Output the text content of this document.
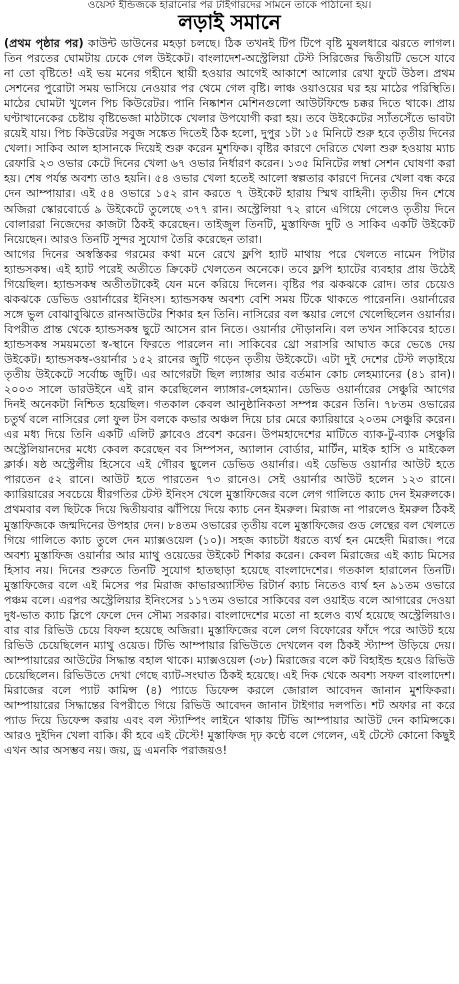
ওয়েস্ট ইন্ডিজকে হারানোর পর টাইগারদের সামনে তাকে পাঠানো হয়।
লড়াই সমানে

(প্রথম পৃষ্ঠার পর) কাউন্ট ডাউনের মহড়া চলছে। ঠিক তখনই টিপ টিপে বৃষ্টি মুষলধারে ঝরতে লাগল। তিন পরতের ঘোমটায় ঢেকে গেল উইকেট। বাংলাদেশ-অস্ট্রেলিয়া টেস্ট সিরিজের দ্বিতীয়টি ভেসে যাবে না তো বৃষ্টিতে! এই ভয় মনের গহীনে স্থায়ী হওয়ার আগেই আকাশে আলোর রেখা ফুটে উঠল। প্রথম সেশনের পুরোটা সময় ভাসিয়ে নেওয়ার পর থেমে গেল বৃষ্টি। লাঞ্চ ওয়াওয়ের ঘর হয় মাঠের পরিস্থিতি। মাঠের ঘোমটা খুলেন পিচ কিউরেটর। পানি নিষ্কাশন মেশিনগুলো আউটফিল্ডে চক্কর দিতে থাকে। প্রায় ঘণ্টাখানেকের চেষ্টায় বৃষ্টিভেজা মাঠটাকে খেলার উপযোগী করা হয়। তবে উইকেটের স্যাঁতসেঁতে ভাবটা রয়েই যায়। পিচ কিউরেটর সবুজ সঙ্কেত দিতেই ঠিক হলো, দুপুর ১টা ১৫ মিনিটে শুরু হবে তৃতীয় দিনের খেলা। সাকিব আল হাসানকে দিয়েই শুরু করেন মুশফিক। বৃষ্টির কারণে দেরিতে খেলা শুরু হওয়ায় ম্যাচ রেফারি ২৩ ওভার কেটে দিনের খেলা ৬৭ ওভার নির্ধারণ করেন। ১৩৫ মিনিটের লম্বা সেশন ঘোষণা করা হয়। শেষ পর্যন্ত অবশ্য তাও হয়নি। ৫৪ ওভার খেলা হতেই আলো স্বল্পতার কারণে দিনের খেলা বন্ধ করে দেন আম্পায়ার। এই ৫৪ ওভারে ১৫২ রান করতে ৭ উইকেট হারায় স্মিথ বাহিনী। তৃতীয় দিন শেষে অজিরা স্কোরবোর্ডে ৯ উইকেটে তুলেছে ৩৭৭ রান। অস্ট্রেলিয়া ৭২ রানে এগিয়ে গেলেও তৃতীয় দিনে বোলাররা নিজেদের কাজটা ঠিকই করেছেন। তাইজুল তিনটি, মুস্তাফিজ দুটি ও সাকিব একটি উইকেট নিয়েছেন। আরও তিনটি সুন্দর সুযোগ তৈরি করেছেন তারা।

আগের দিনের অস্বস্তিকর গরমের কথা মনে রেখে ফ্লপি হ্যাট মাথায় পরে খেলতে নামেন পিটার হ্যান্ডসকম্ব। এই হ্যাট পরেই অতীতে ক্রিকেট খেলতেন অনেকে। তবে ফ্লপি হ্যাটের ব্যবহার প্রায় উঠেই গিয়েছিল। হ্যান্ডসকম্ব অতীতটাকেই যেন মনে করিয়ে দিলেন। বৃষ্টির পর ঝকঝকে রোদ। তার চেয়েও ঝকঝকে ডেভিড ওয়ার্নারের ইনিংস। হ্যান্ডসকম্ব অবশ্য বেশি সময় টিকে থাকতে পারেননি। ওয়ার্নারের সঙ্গে ভুল বোঝাবুঝিতে রানআউটের শিকার হন তিনি। নাসিরের বল স্কয়ার লেগে খেলেছিলেন ওয়ার্নার। বিপরীত প্রান্ত থেকে হ্যান্ডসকম্ব ছুটে আসেন রান নিতে। ওয়ার্নার দৌড়াননি। বল তখন সাকিবের হাতে। হ্যান্ডসকম্ব সময়মতো স্ব-স্থানে ফিরতে পারলেন না। সাকিবের থ্রো সরাসরি আঘাত করে ভেঙে দেয় উইকেট। হ্যান্ডসকম্ব-ওয়ার্নার ১৫২ রানের জুটি গড়েন তৃতীয় উইকেটে। এটা দুই দেশের টেস্ট লড়াইয়ে তৃতীয় উইকেটে সর্বোচ্চ জুটি। এর আগেরটা ছিল ল্যাঙ্গার আর বর্তমান কোচ লেহম্যানের (৪১ রান)। ২০০৩ সালে ডারউইনে এই রান করেছিলেন ল্যাঙ্গার-লেহম্যান। ডেভিড ওয়ার্নারের সেঞ্চুরি আগের দিনই অনেকটা নিশ্চিত হয়েছিল। গতকাল কেবল আনুষ্ঠানিকতা সম্পন্ন করেন তিনি। ৭৮তম ওভারের চতুর্থ বলে নাসিরের লো ফুল টস বলকে কভার অঞ্চল দিয়ে চার মেরে ক্যারিয়ারে ২০তম সেঞ্চুরি করেন। এর মধ্য দিয়ে তিনি একটি এলিট ক্লাবেও প্রবেশ করেন। উপমহাদেশের মাটিতে ব্যাক-টু-ব্যাক সেঞ্চুরি অস্ট্রেলিয়ানদের মধ্যে কেবল করেছেন বব সিম্পসন, অ্যালান বোর্ডার, মার্টিন, মাইক হাসি ও মাইকেল ক্লার্ক। ষষ্ঠ অস্ট্রেলীয় হিসেবে এই গৌরব ছুলেন ডেভিড ওয়ার্নার। এই ডেভিড ওয়ার্নার আউট হতে পারতেন ৫২ রানে। আউট হতে পারতেন ৭৩ রানেও। সেই ওয়ার্নার আউট হলেন ১২৩ রানে। ক্যারিয়ারের সবচেয়ে ধীরগতির টেস্ট ইনিংস খেলে মুস্তাফিজের বলে লেগ গালিতে ক্যাচ দেন ইমরুলকে। প্রথমবার বল ছিটকে দিয়ে দ্বিতীয়বার ঝাঁপিয়ে দিয়ে ক্যাচ নেন ইমরুল। মিরাজ না পারলেও ইমরুল ঠিকই মুস্তাফিজকে জন্মদিনের উপহার দেন। ৮৪তম ওভারের তৃতীয় বলে মুস্তাফিজের গুড লেন্থের বল খেলতে গিয়ে গালিতে ক্যাচ তুলে দেন ম্যাক্সওয়েল (১০)। সহজ ক্যাচটা ধরতে ব্যর্থ হন মেহেদী মিরাজ। পরে অবশ্য মুস্তাফিজ ওয়ার্নার আর ম্যাথু ওয়েডের উইকেট শিকার করেন। কেবল মিরাজের এই ক্যাচ মিসের হিসাব নয়। দিনের শুরুতে তিনটি সুযোগ হাতছাড়া হয়েছে বাংলাদেশের। গতকাল হারালেন তিনটি। মুস্তাফিজের বলে এই মিসের পর মিরাজ কাভারঅ্যাস্টিভ রিটার্ন ক্যাচ নিতেও ব্যর্থ হন ৯১তম ওভারে পঞ্চম বলে। এরপর অস্ট্রেলিয়ার ইনিংসের ১১৭তম ওভারে সাকিবের বল ওয়াইড বলে আগারের দেওয়া দুধ-ভাত ক্যাচ স্লিপে ফেলে দেন সৌম্য সরকার। বাংলাদেশের মতো না হলেও ব্যর্থ হয়েছে অস্ট্রেলিয়াও। বার বার রিভিউ চেয়ে বিফল হয়েছে অজিরা। মুস্তাফিজের বলে লেগ বিফোরের ফাঁদে পরে আউট হয়ে রিভিউ চেয়েছিলেন ম্যাথু ওয়েড। টিভি আম্পায়ার রিভিউতে দেখলেন বল ঠিকই স্ট্যাম্প উড়িয়ে দেয়। আম্পায়ারের আউটের সিদ্ধান্ত বহাল থাকে। ম্যাক্সওয়েল (৩৮) মিরাজের বলে কট বিহাইন্ড হয়েও রিভিউ চেয়েছিলেন। রিভিউতে দেখা গেছে ব্যাট-সংঘাত ঠিকই হয়েছে। এই দিক থেকে অবশ্য সফল বাংলাদেশ। মিরাজের বলে প্যাট কামিন্স (৪) প্যাডে ডিফেন্স করলে জোরাল আবেদন জানান মুশফিকরা। আম্পায়ারের সিদ্ধান্তের বিপরীতে গিয়ে রিভিউ আবেদন জানান টাইগার দলপতি। শট অফার না করে প্যাড দিয়ে ডিফেন্স করায় এবং বল স্ট্যাম্পিং লাইনে থাকায় টিভি আম্পায়ার আউট দেন কামিন্সকে। আরও দুইদিন খেলা বাকি। কী হবে এই টেস্টে! মুস্তাফিজ দৃঢ় কণ্ঠে বলে গেলেন, এই টেস্টে কোনো কিছুই এখন আর অসম্ভব নয়। জয়, ড্র এমনকি পরাজয়ও!
